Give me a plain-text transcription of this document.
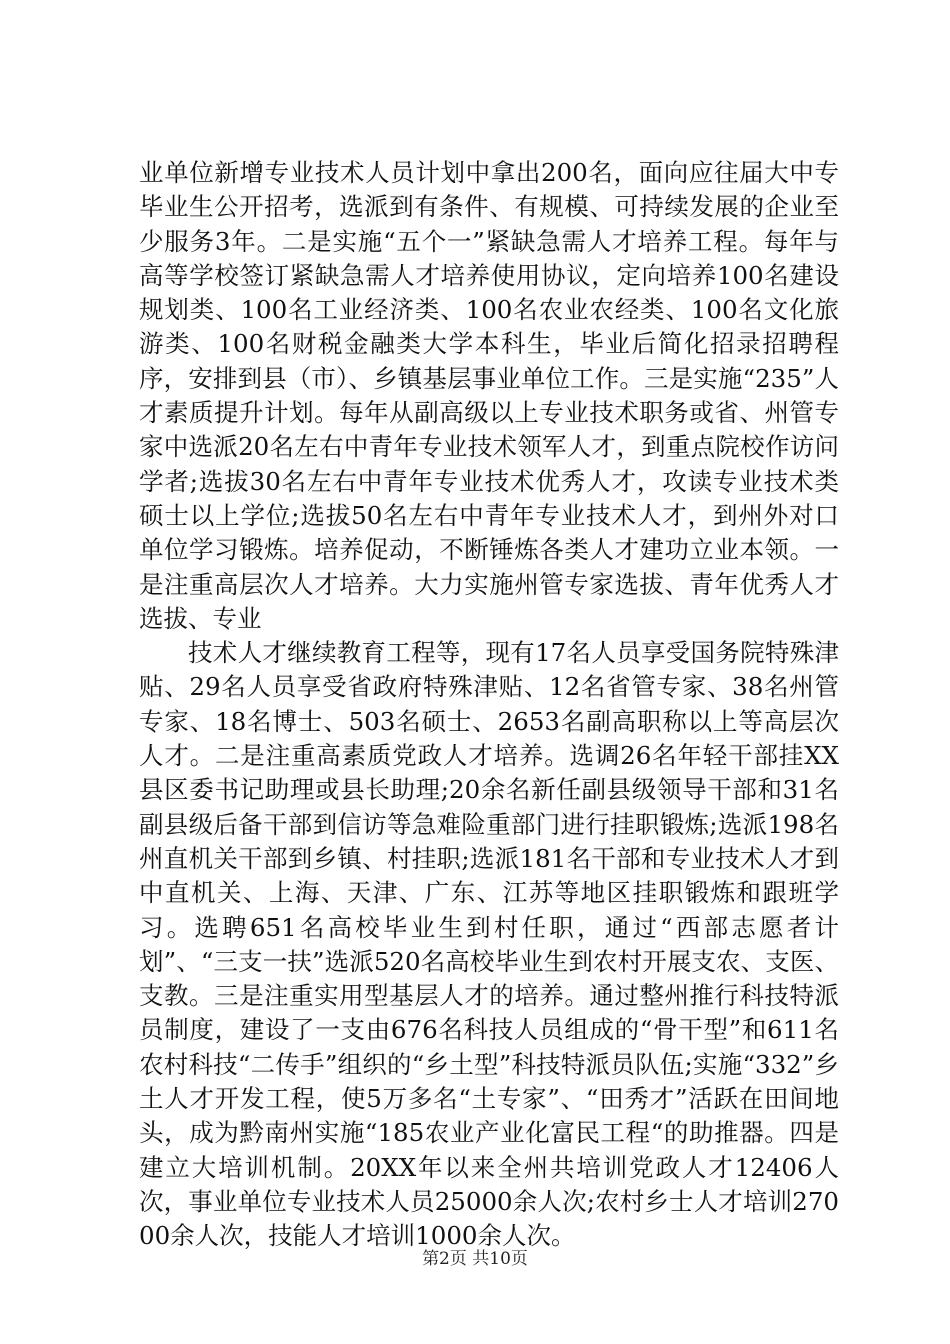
业单位新增专业技术人员计划中拿出200名，面向应往届大中专毕业生公开招考，选派到有条件、有规模、可持续发展的企业至少服务3年。二是实施“五个一”紧缺急需人才培养工程。每年与高等学校签订紧缺急需人才培养使用协议，定向培养100名建设规划类、100名工业经济类、100名农业农经类、100名文化旅游类、100名财税金融类大学本科生，毕业后简化招录招聘程序，安排到县（市）、乡镇基层事业单位工作。三是实施“235”人才素质提升计划。每年从副高级以上专业技术职务或省、州管专家中选派20名左右中青年专业技术领军人才，到重点院校作访问学者;选拔30名左右中青年专业技术优秀人才，攻读专业技术类硕士以上学位;选拔50名左右中青年专业技术人才，到州外对口单位学习锻炼。培养促动，不断锤炼各类人才建功立业本领。一是注重高层次人才培养。大力实施州管专家选拔、青年优秀人才选拔、专业

技术人才继续教育工程等，现有17名人员享受国务院特殊津贴、29名人员享受省政府特殊津贴、12名省管专家、38名州管专家、18名博士、503名硕士、2653名副高职称以上等高层次人才。二是注重高素质党政人才培养。选调26名年轻干部挂XX县区委书记助理或县长助理;20余名新任副县级领导干部和31名副县级后备干部到信访等急难险重部门进行挂职锻炼;选派198名州直机关干部到乡镇、村挂职;选派181名干部和专业技术人才到中直机关、上海、天津、广东、江苏等地区挂职锻炼和跟班学习。选聘651名高校毕业生到村任职，通过“西部志愿者计划”、“三支一扶”选派520名高校毕业生到农村开展支农、支医、支教。三是注重实用型基层人才的培养。通过整州推行科技特派员制度，建设了一支由676名科技人员组成的“骨干型”和611名农村科技“二传手”组织的“乡土型”科技特派员队伍;实施“332”乡土人才开发工程，使5万多名“土专家”、“田秀才”活跃在田间地头，成为黔南州实施“185农业产业化富民工程“的助推器。四是建立大培训机制。20XX年以来全州共培训党政人才12406人次，事业单位专业技术人员25000余人次;农村乡士人才培训27000余人次，技能人才培训1000余人次。

第2页 共10页
